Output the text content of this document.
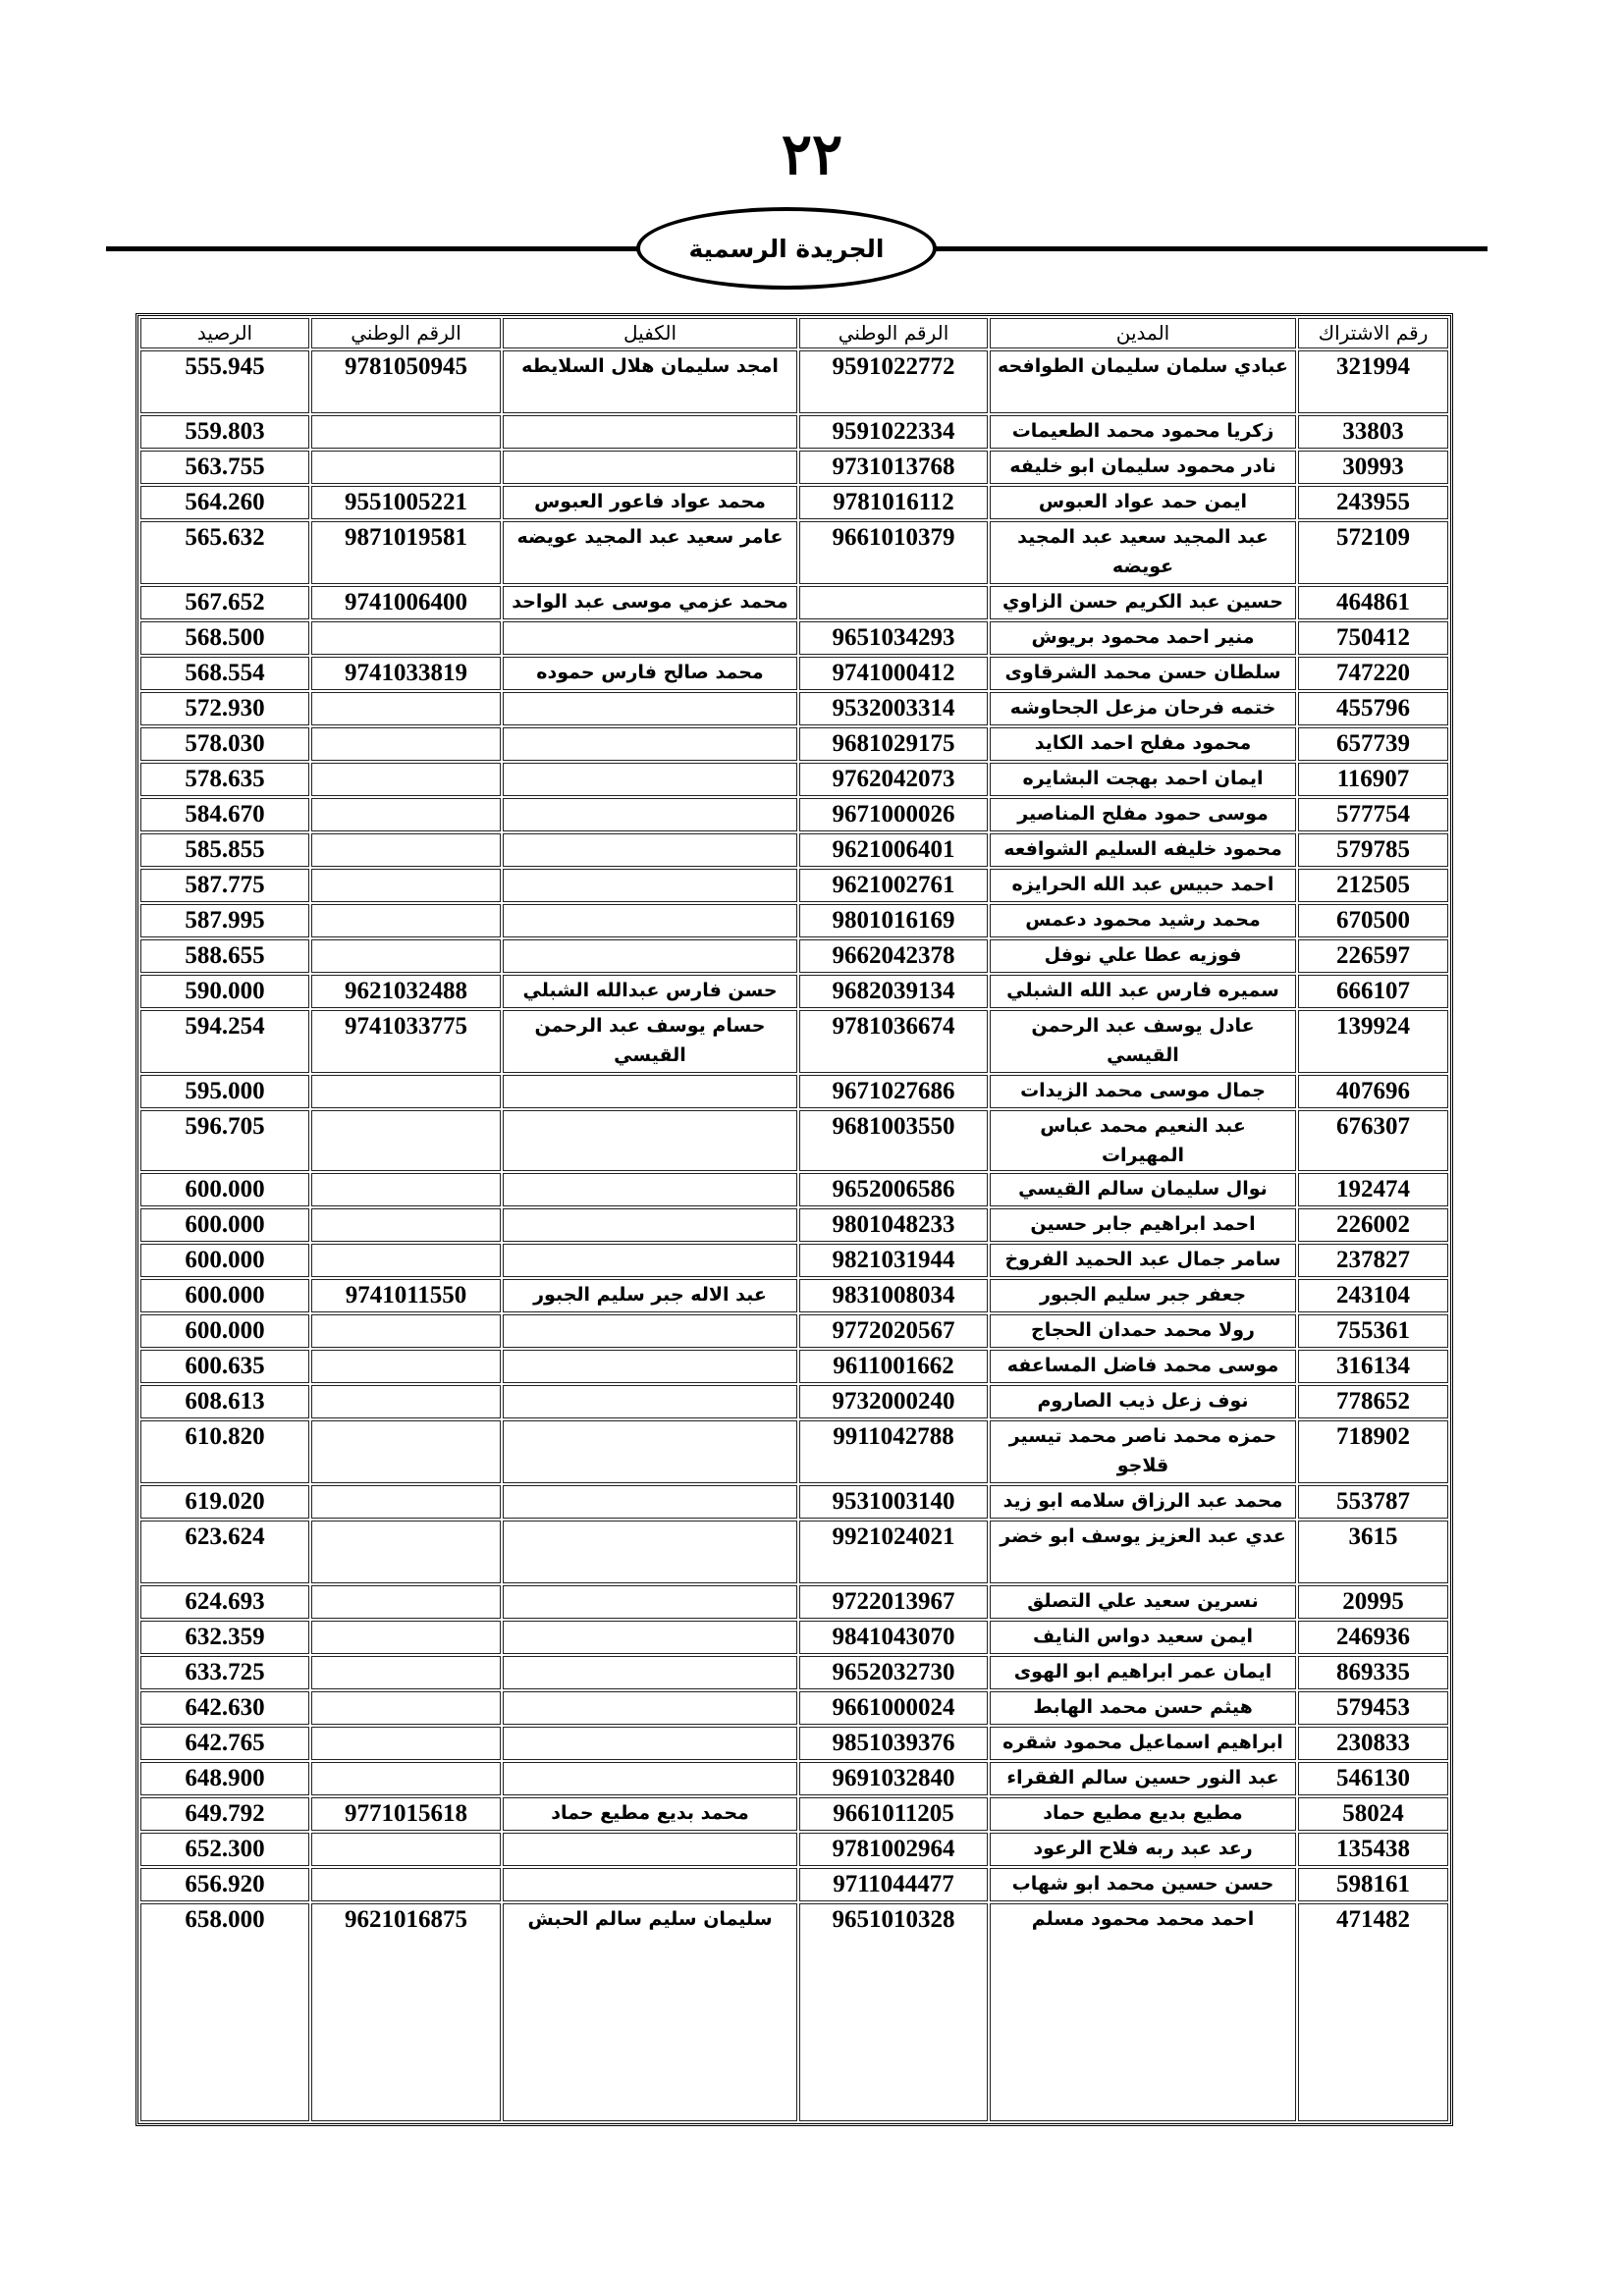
٢٢
الجريدة الرسمية
رقم الاشتراك	المدين	الرقم الوطني	الكفيل	الرقم الوطني	الرصيد
321994	عبادي سلمان سليمان الطوافحه	9591022772	امجد سليمان هلال السلايطه	9781050945	555.945
33803	زكريا محمود محمد الطعيمات	9591022334			559.803
30993	نادر محمود سليمان ابو خليفه	9731013768			563.755
243955	ايمن حمد عواد العبوس	9781016112	محمد عواد فاعور العبوس	9551005221	564.260
572109	عبد المجيد سعيد عبد المجيد عويضه	9661010379	عامر سعيد عبد المجيد عويضه	9871019581	565.632
464861	حسين عبد الكريم حسن الزاوي		محمد عزمي موسى عبد الواحد	9741006400	567.652
750412	منير احمد محمود بريوش	9651034293			568.500
747220	سلطان حسن محمد الشرقاوى	9741000412	محمد صالح فارس حموده	9741033819	568.554
455796	ختمه فرحان مزعل الجحاوشه	9532003314			572.930
657739	محمود مفلح احمد الكايد	9681029175			578.030
116907	ايمان احمد بهجت البشايره	9762042073			578.635
577754	موسى حمود مفلح المناصير	9671000026			584.670
579785	محمود خليفه السليم الشوافعه	9621006401			585.855
212505	احمد حبيس عبد الله الحرايزه	9621002761			587.775
670500	محمد رشيد محمود دعمس	9801016169			587.995
226597	فوزيه عطا علي نوفل	9662042378			588.655
666107	سميره فارس عبد الله الشبلي	9682039134	حسن فارس عبدالله الشبلي	9621032488	590.000
139924	عادل يوسف عبد الرحمن القيسي	9781036674	حسام يوسف عبد الرحمن القيسي	9741033775	594.254
407696	جمال موسى محمد الزيدات	9671027686			595.000
676307	عبد النعيم محمد عباس المهيرات	9681003550			596.705
192474	نوال سليمان سالم القيسي	9652006586			600.000
226002	احمد ابراهيم جابر حسين	9801048233			600.000
237827	سامر جمال عبد الحميد الفروخ	9821031944			600.000
243104	جعفر جبر سليم الجبور	9831008034	عبد الاله جبر سليم الجبور	9741011550	600.000
755361	رولا محمد حمدان الحجاج	9772020567			600.000
316134	موسى محمد فاضل المساعفه	9611001662			600.635
778652	نوف زعل ذيب الصاروم	9732000240			608.613
718902	حمزه محمد ناصر محمد تيسير قلاجو	9911042788			610.820
553787	محمد عبد الرزاق سلامه ابو زيد	9531003140			619.020
3615	عدي عبد العزيز يوسف ابو خضر	9921024021			623.624
20995	نسرين سعيد علي التصلق	9722013967			624.693
246936	ايمن سعيد دواس النايف	9841043070			632.359
869335	ايمان عمر ابراهيم ابو الهوى	9652032730			633.725
579453	هيثم حسن محمد الهابط	9661000024			642.630
230833	ابراهيم اسماعيل محمود شقره	9851039376			642.765
546130	عبد النور حسين سالم الفقراء	9691032840			648.900
58024	مطيع بديع مطيع حماد	9661011205	محمد بديع مطيع حماد	9771015618	649.792
135438	رعد عبد ربه فلاح الرعود	9781002964			652.300
598161	حسن حسين محمد ابو شهاب	9711044477			656.920
471482	احمد محمد محمود مسلم	9651010328	سليمان سليم سالم الحبش	9621016875	658.000
